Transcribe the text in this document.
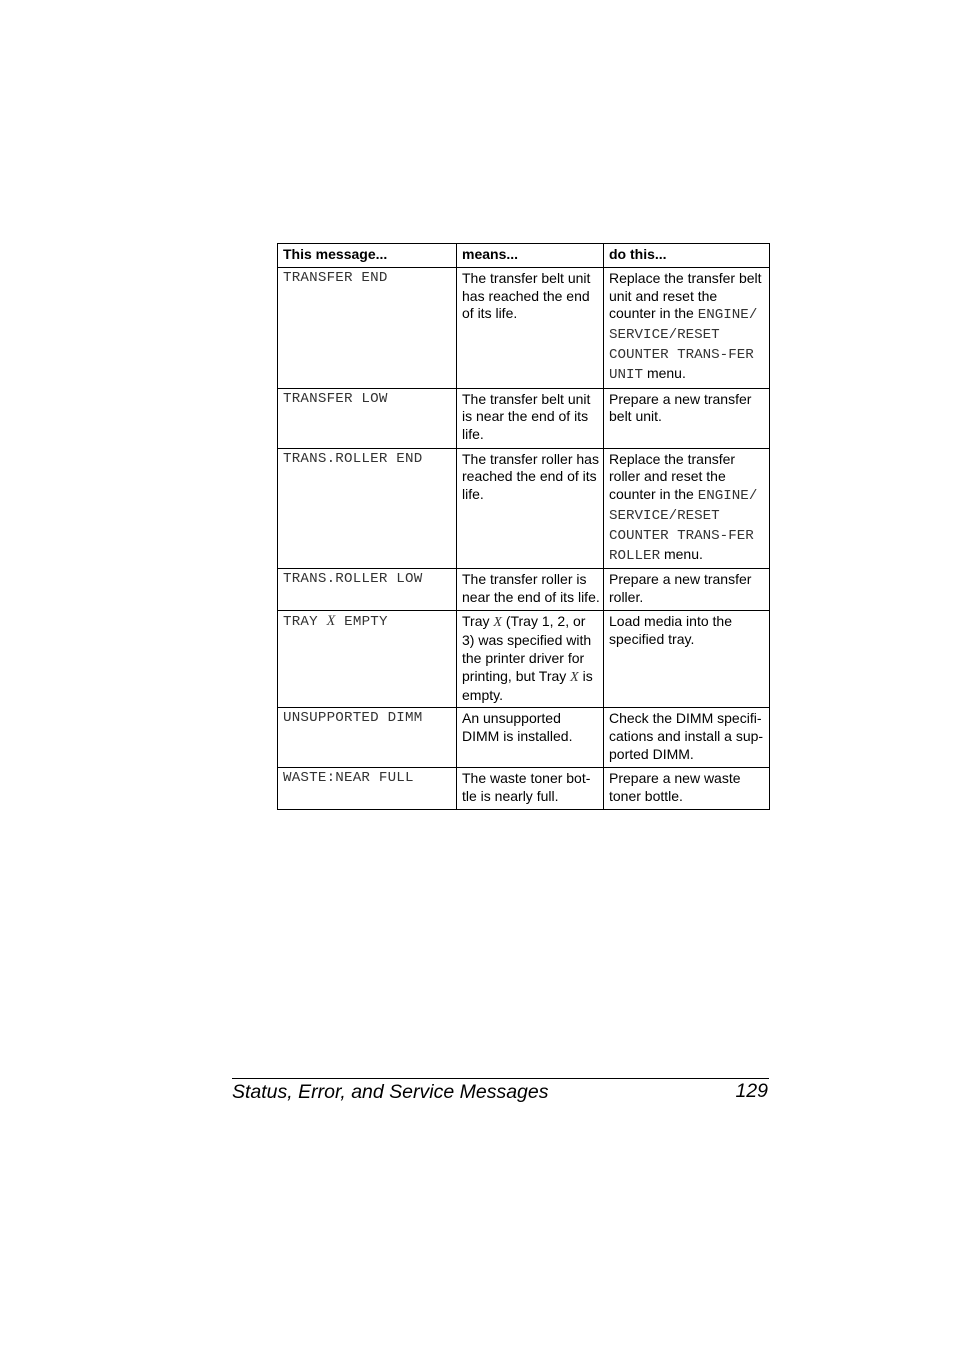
This message...	means...	do this...
TRANSFER END	The transfer belt unit has reached the end of its life.	Replace the transfer belt unit and reset the counter in the ENGINE/ SERVICE/RESET COUNTER TRANS-FER UNIT menu.
TRANSFER LOW	The transfer belt unit is near the end of its life.	Prepare a new transfer belt unit.
TRANS.ROLLER END	The transfer roller has reached the end of its life.	Replace the transfer roller and reset the counter in the ENGINE/ SERVICE/RESET COUNTER TRANS-FER ROLLER menu.
TRANS.ROLLER LOW	The transfer roller is near the end of its life.	Prepare a new transfer roller.
TRAY X EMPTY	Tray X (Tray 1, 2, or 3) was specified with the printer driver for printing, but Tray X is empty.	Load media into the specified tray.
UNSUPPORTED DIMM	An unsupported DIMM is installed.	Check the DIMM specifi-cations and install a sup-ported DIMM.
WASTE:NEAR FULL	The waste toner bot-tle is nearly full.	Prepare a new waste toner bottle.
Status, Error, and Service Messages	129
